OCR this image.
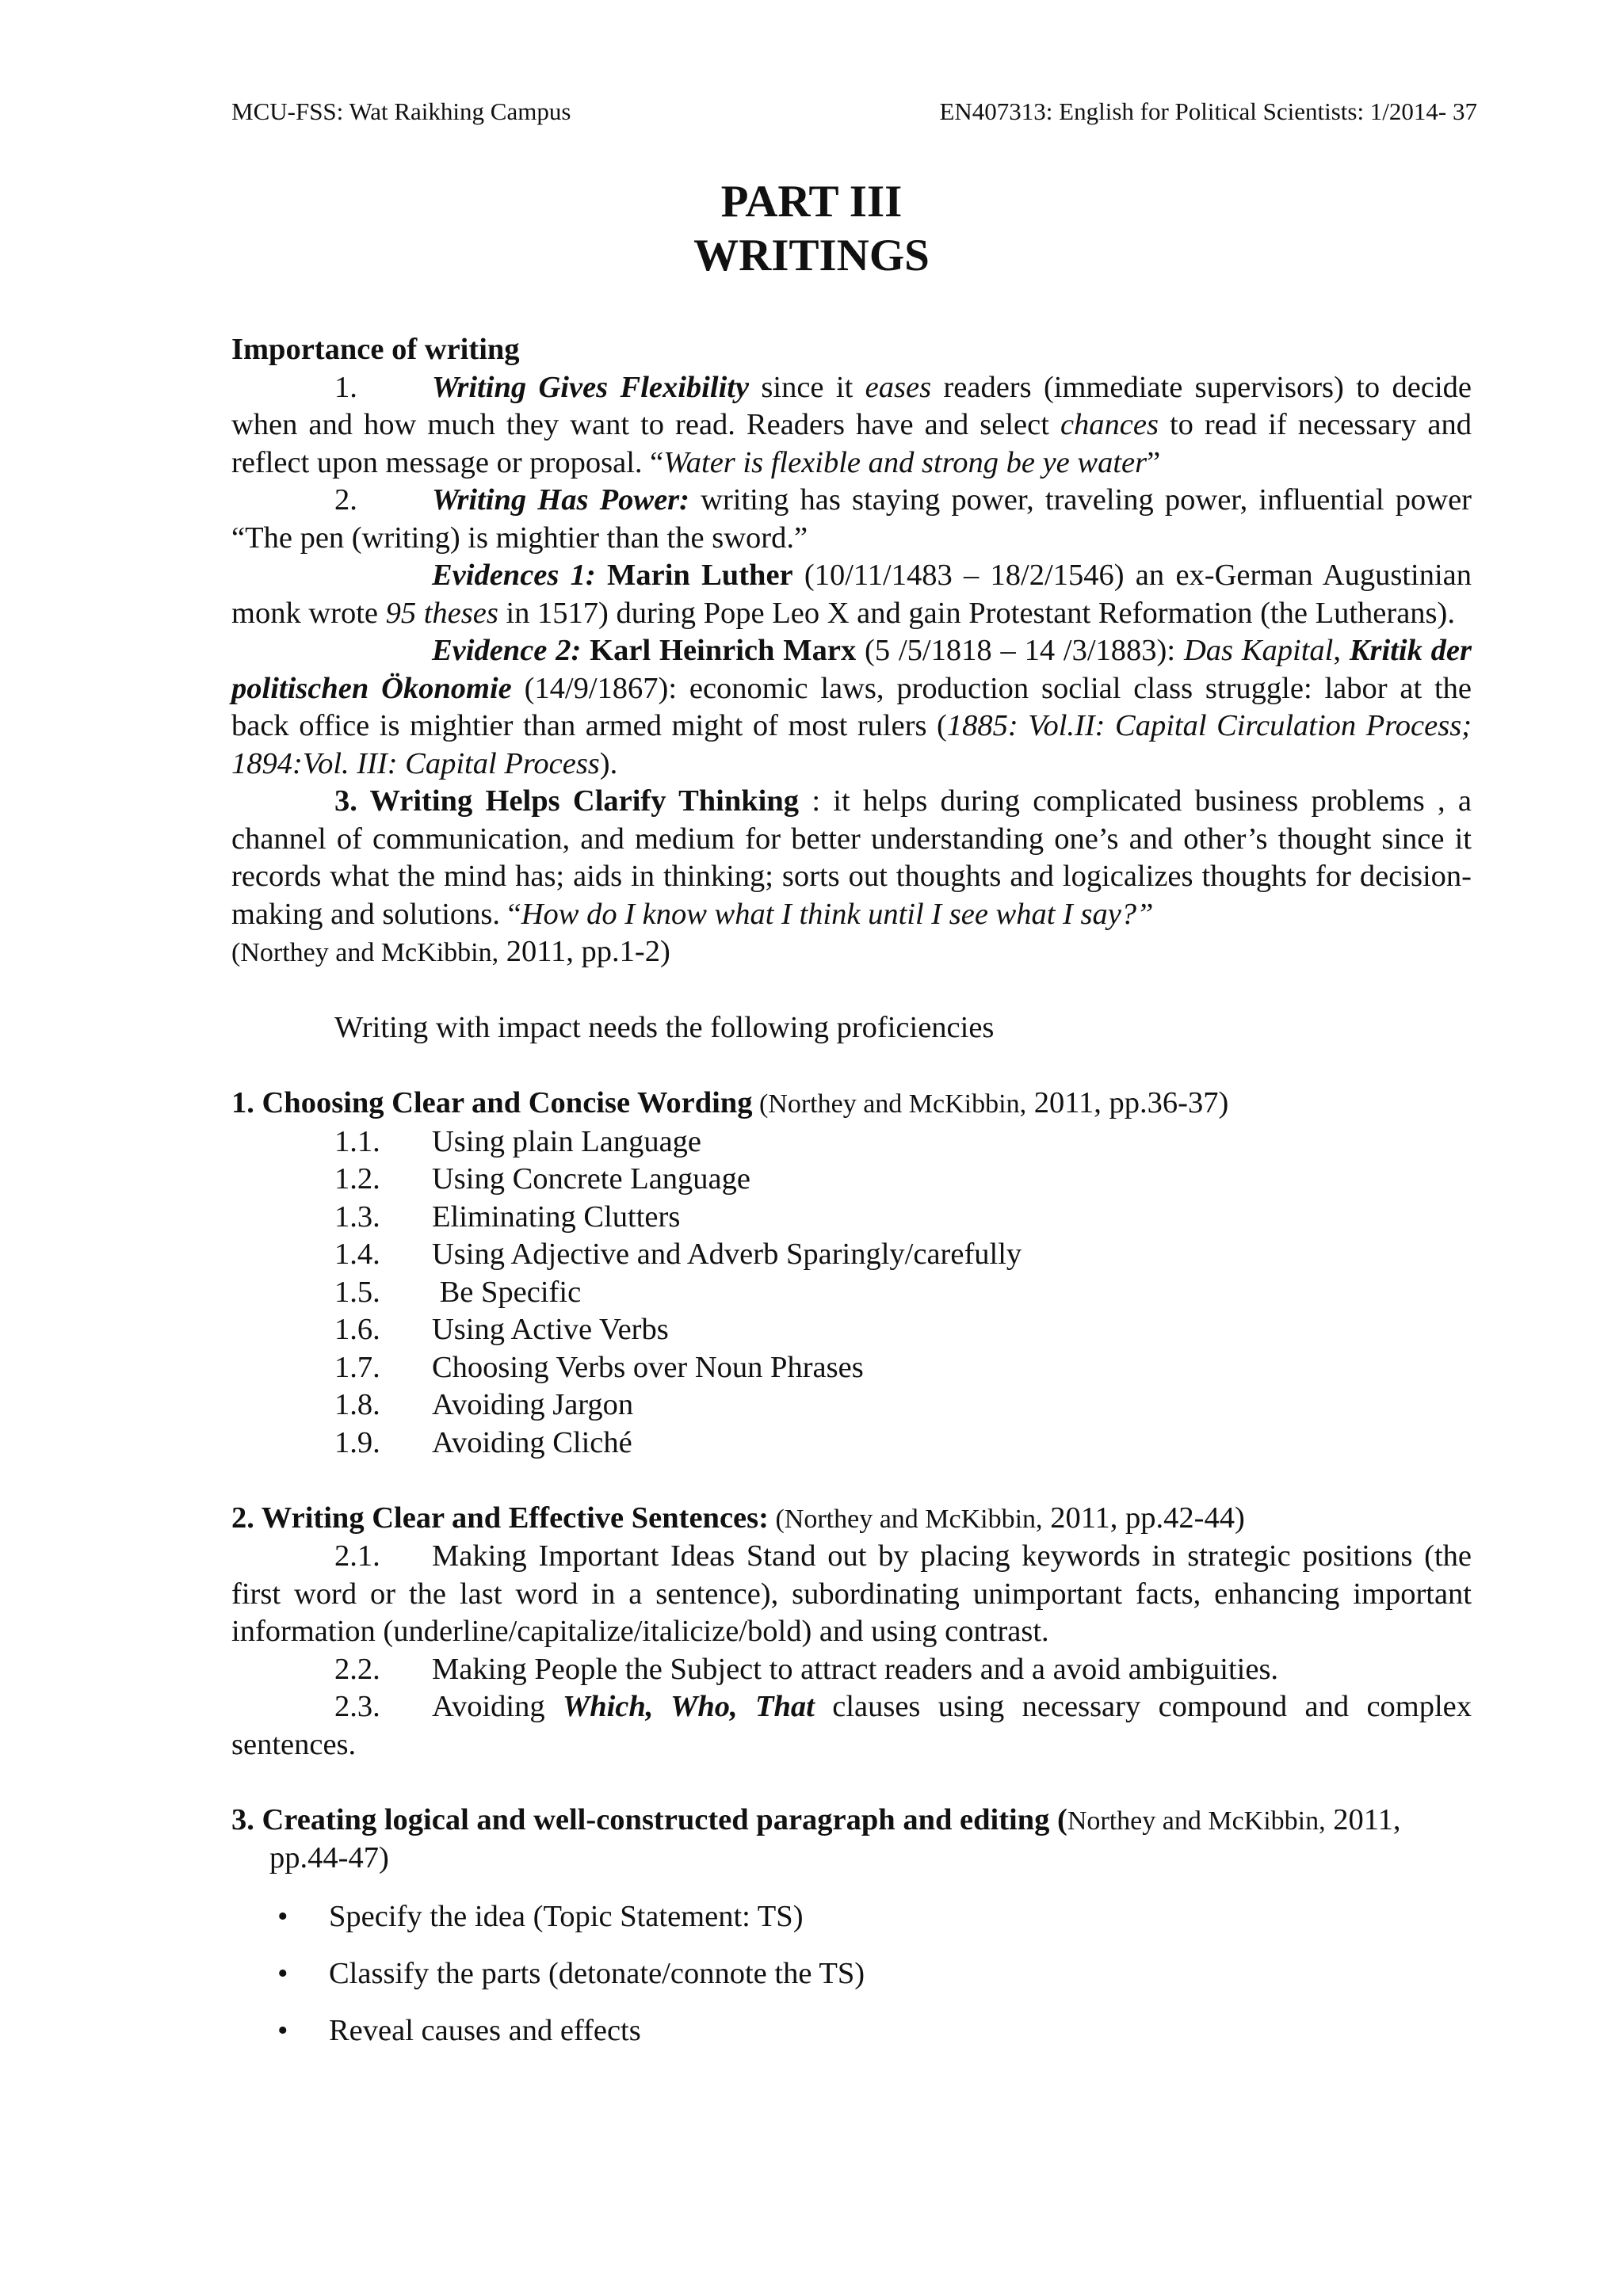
MCU-FSS: Wat Raikhing Campus	EN407313: English for Political Scientists: 1/2014- 37
PART III
WRITINGS

Importance of writing

1. Writing Gives Flexibility since it eases readers (immediate supervisors) to decide when and how much they want to read. Readers have and select chances to read if necessary and reflect upon message or proposal. “Water is flexible and strong be ye water”

2. Writing Has Power: writing has staying power, traveling power, influential power “The pen (writing) is mightier than the sword.”

Evidences 1: Marin Luther (10/11/1483 – 18/2/1546) an ex-German Augustinian monk wrote 95 theses in 1517) during Pope Leo X and gain Protestant Reformation (the Lutherans).

Evidence 2: Karl Heinrich Marx (5 /5/1818 – 14 /3/1883): Das Kapital, Kritik der politischen Ökonomie (14/9/1867): economic laws, production soclial class struggle: labor at the back office is mightier than armed might of most rulers (1885: Vol.II: Capital Circulation Process; 1894:Vol. III: Capital Process).

3. Writing Helps Clarify Thinking : it helps during complicated business problems , a channel of communication, and medium for better understanding one’s and other’s thought since it records what the mind has; aids in thinking; sorts out thoughts and logicalizes thoughts for decision-making and solutions. “How do I know what I think until I see what I say?”

(Northey and McKibbin, 2011, pp.1-2)

Writing with impact needs the following proficiencies

1. Choosing Clear and Concise Wording (Northey and McKibbin, 2011, pp.36-37)

1.1. Using plain Language
1.2. Using Concrete Language
1.3. Eliminating Clutters
1.4. Using Adjective and Adverb Sparingly/carefully
1.5. Be Specific
1.6. Using Active Verbs
1.7. Choosing Verbs over Noun Phrases
1.8. Avoiding Jargon
1.9. Avoiding Cliché

2. Writing Clear and Effective Sentences: (Northey and McKibbin, 2011, pp.42-44)

2.1. Making Important Ideas Stand out by placing keywords in strategic positions (the first word or the last word in a sentence), subordinating unimportant facts, enhancing important information (underline/capitalize/italicize/bold) and using contrast.

2.2. Making People the Subject to attract readers and a avoid ambiguities.

2.3. Avoiding Which, Who, That clauses using necessary compound and complex sentences.

3. Creating logical and well-constructed paragraph and editing (Northey and McKibbin, 2011, pp.44-47)

• Specify the idea (Topic Statement: TS)
• Classify the parts (detonate/connote the TS)
• Reveal causes and effects
